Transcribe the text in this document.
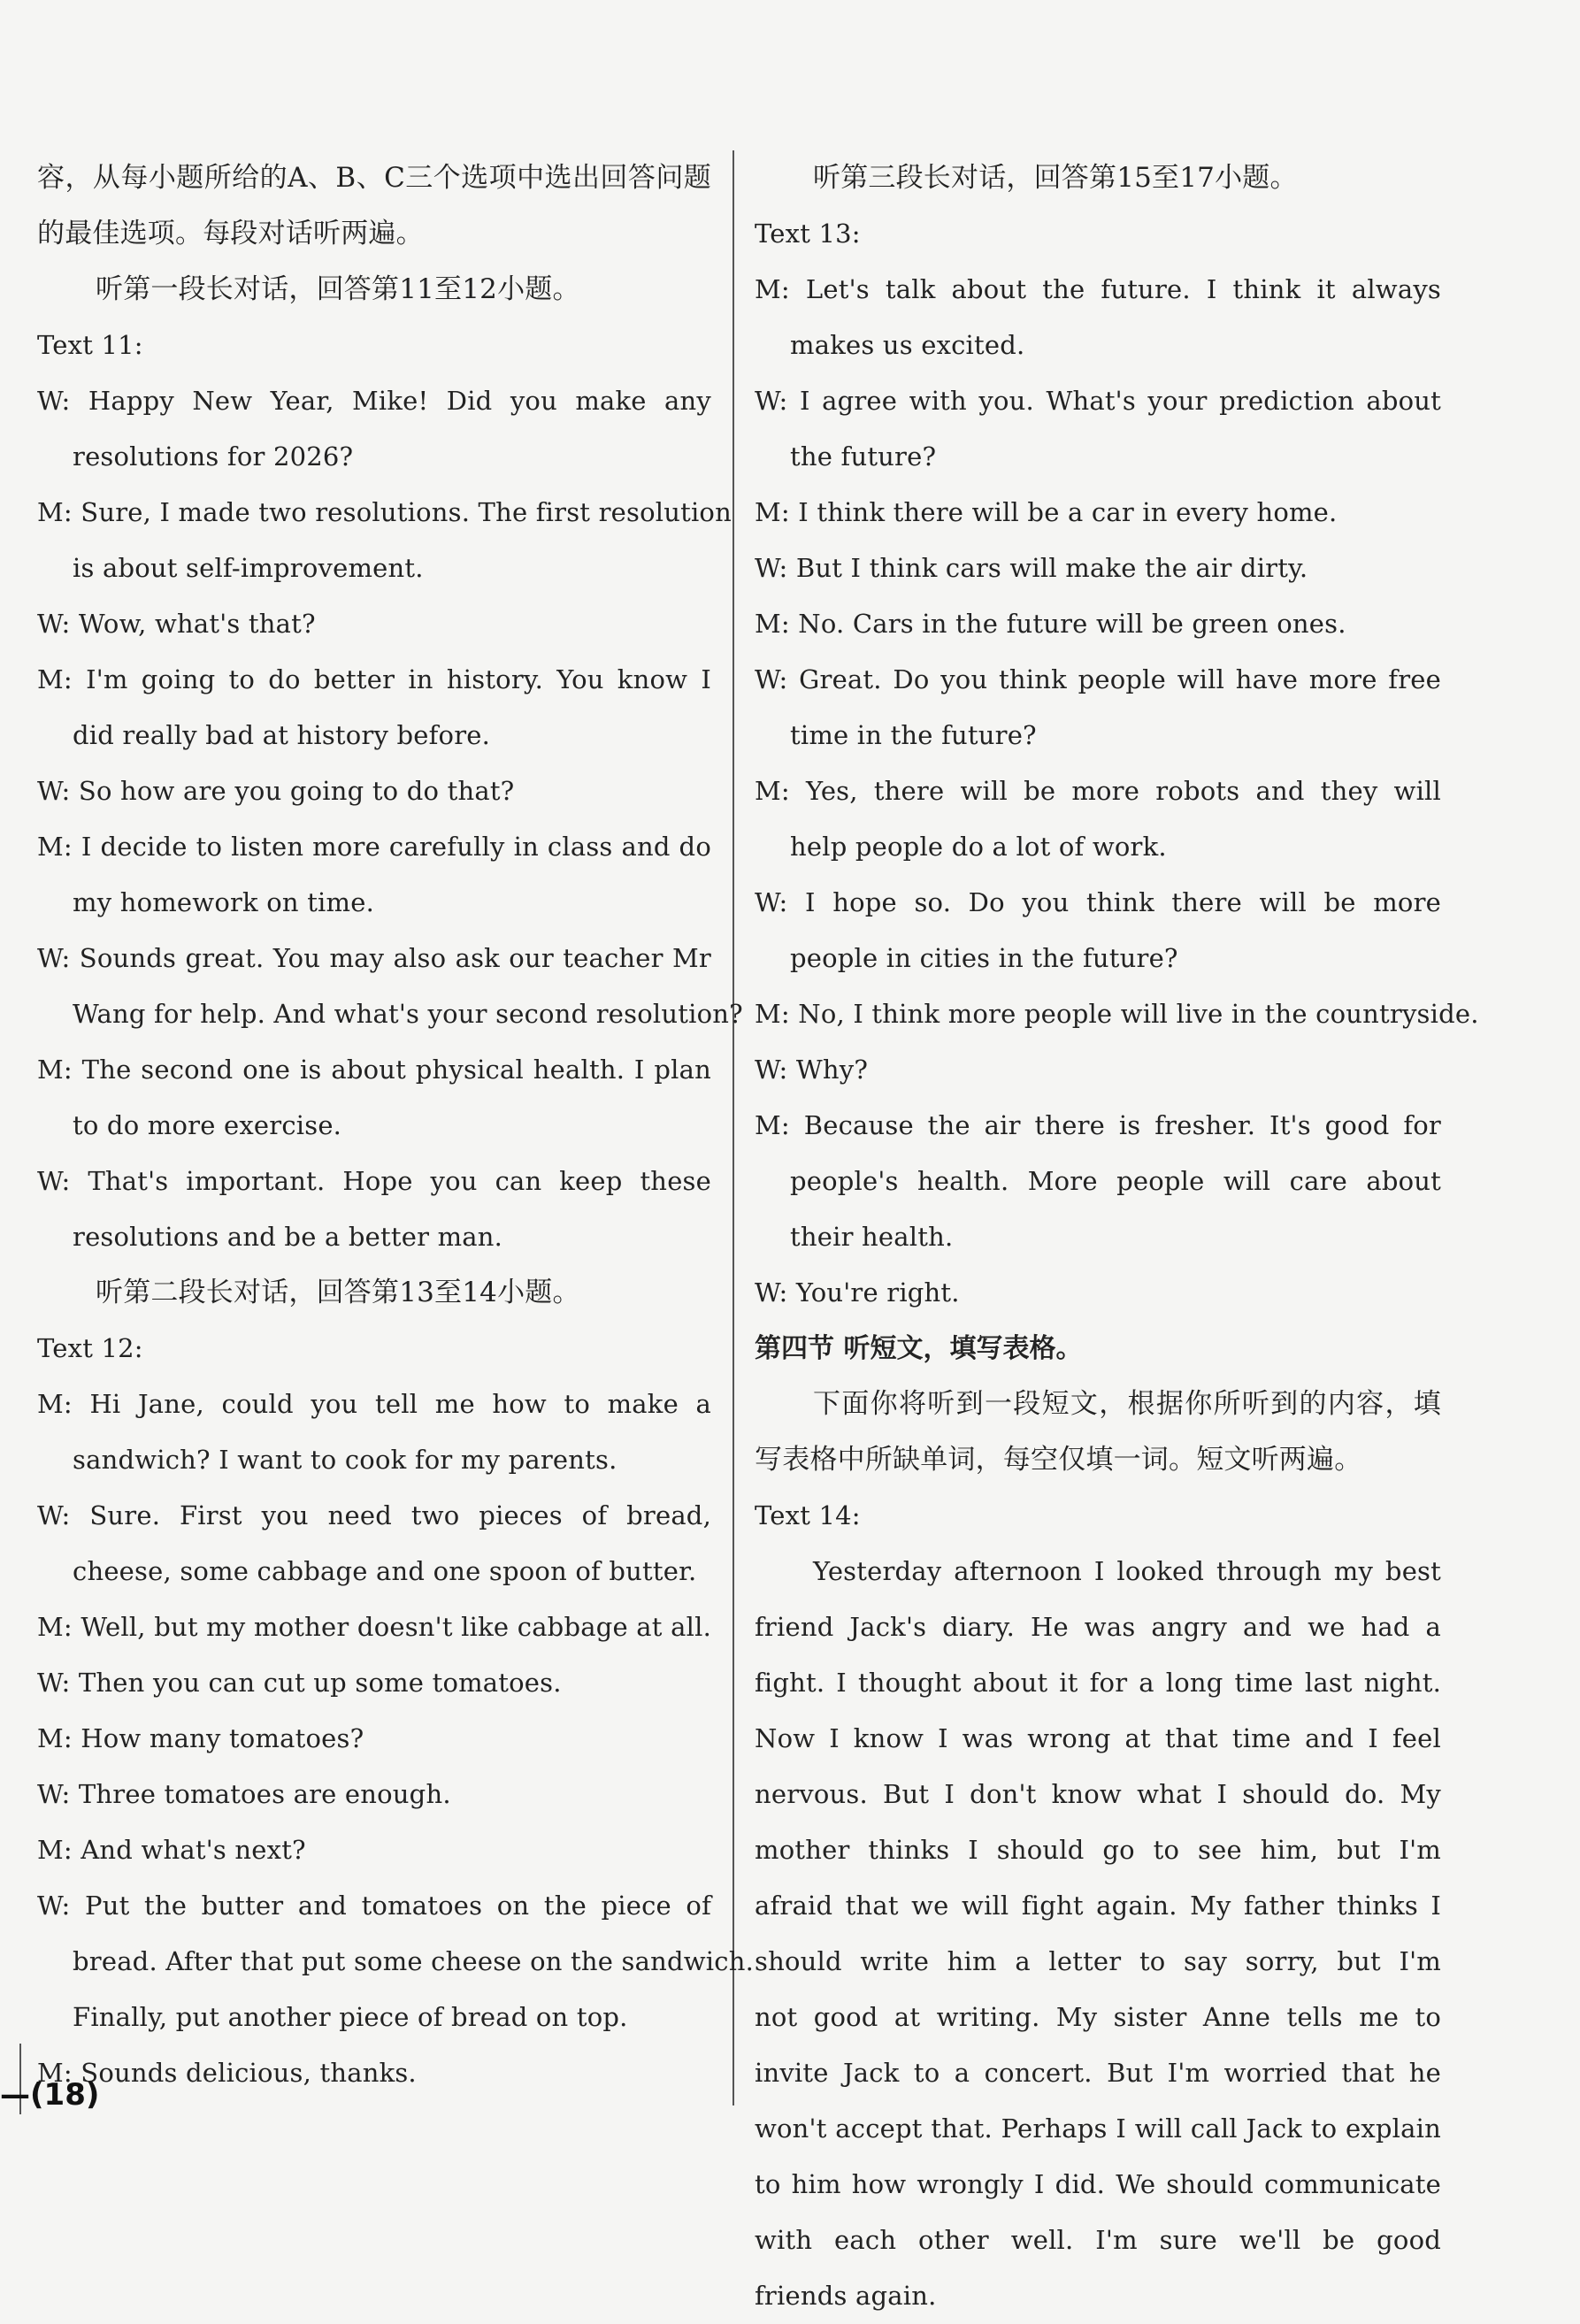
容，从每小题所给的A、B、C三个选项中选出回答问题
的最佳选项。每段对话听两遍。
听第一段长对话，回答第11至12小题。
Text 11:
W: Happy New Year, Mike! Did you make any
resolutions for 2026?
M: Sure, I made two resolutions. The first resolution
is about self-improvement.
W: Wow, what's that?
M: I'm going to do better in history. You know I
did really bad at history before.
W: So how are you going to do that?
M: I decide to listen more carefully in class and do
my homework on time.
W: Sounds great. You may also ask our teacher Mr
Wang for help. And what's your second resolution?
M: The second one is about physical health. I plan
to do more exercise.
W: That's important. Hope you can keep these
resolutions and be a better man.
听第二段长对话，回答第13至14小题。
Text 12:
M: Hi Jane, could you tell me how to make a
sandwich? I want to cook for my parents.
W: Sure. First you need two pieces of bread,
cheese, some cabbage and one spoon of butter.
M: Well, but my mother doesn't like cabbage at all.
W: Then you can cut up some tomatoes.
M: How many tomatoes?
W: Three tomatoes are enough.
M: And what's next?
W: Put the butter and tomatoes on the piece of
bread. After that put some cheese on the sandwich.
Finally, put another piece of bread on top.
M: Sounds delicious, thanks.
听第三段长对话，回答第15至17小题。
Text 13:
M: Let's talk about the future. I think it always
makes us excited.
W: I agree with you. What's your prediction about
the future?
M: I think there will be a car in every home.
W: But I think cars will make the air dirty.
M: No. Cars in the future will be green ones.
W: Great. Do you think people will have more free
time in the future?
M: Yes, there will be more robots and they will
help people do a lot of work.
W: I hope so. Do you think there will be more
people in cities in the future?
M: No, I think more people will live in the countryside.
W: Why?
M: Because the air there is fresher. It's good for
people's health. More people will care about
their health.
W: You're right.
第四节 听短文，填写表格。
下面你将听到一段短文，根据你所听到的内容，填
写表格中所缺单词，每空仅填一词。短文听两遍。
Text 14:
Yesterday afternoon I looked through my best
friend Jack's diary. He was angry and we had a
fight. I thought about it for a long time last night.
Now I know I was wrong at that time and I feel
nervous. But I don't know what I should do. My
mother thinks I should go to see him, but I'm
afraid that we will fight again. My father thinks I
should write him a letter to say sorry, but I'm
not good at writing. My sister Anne tells me to
invite Jack to a concert. But I'm worried that he
won't accept that. Perhaps I will call Jack to explain
to him how wrongly I did. We should communicate
with each other well. I'm sure we'll be good
friends again.
—(18)
